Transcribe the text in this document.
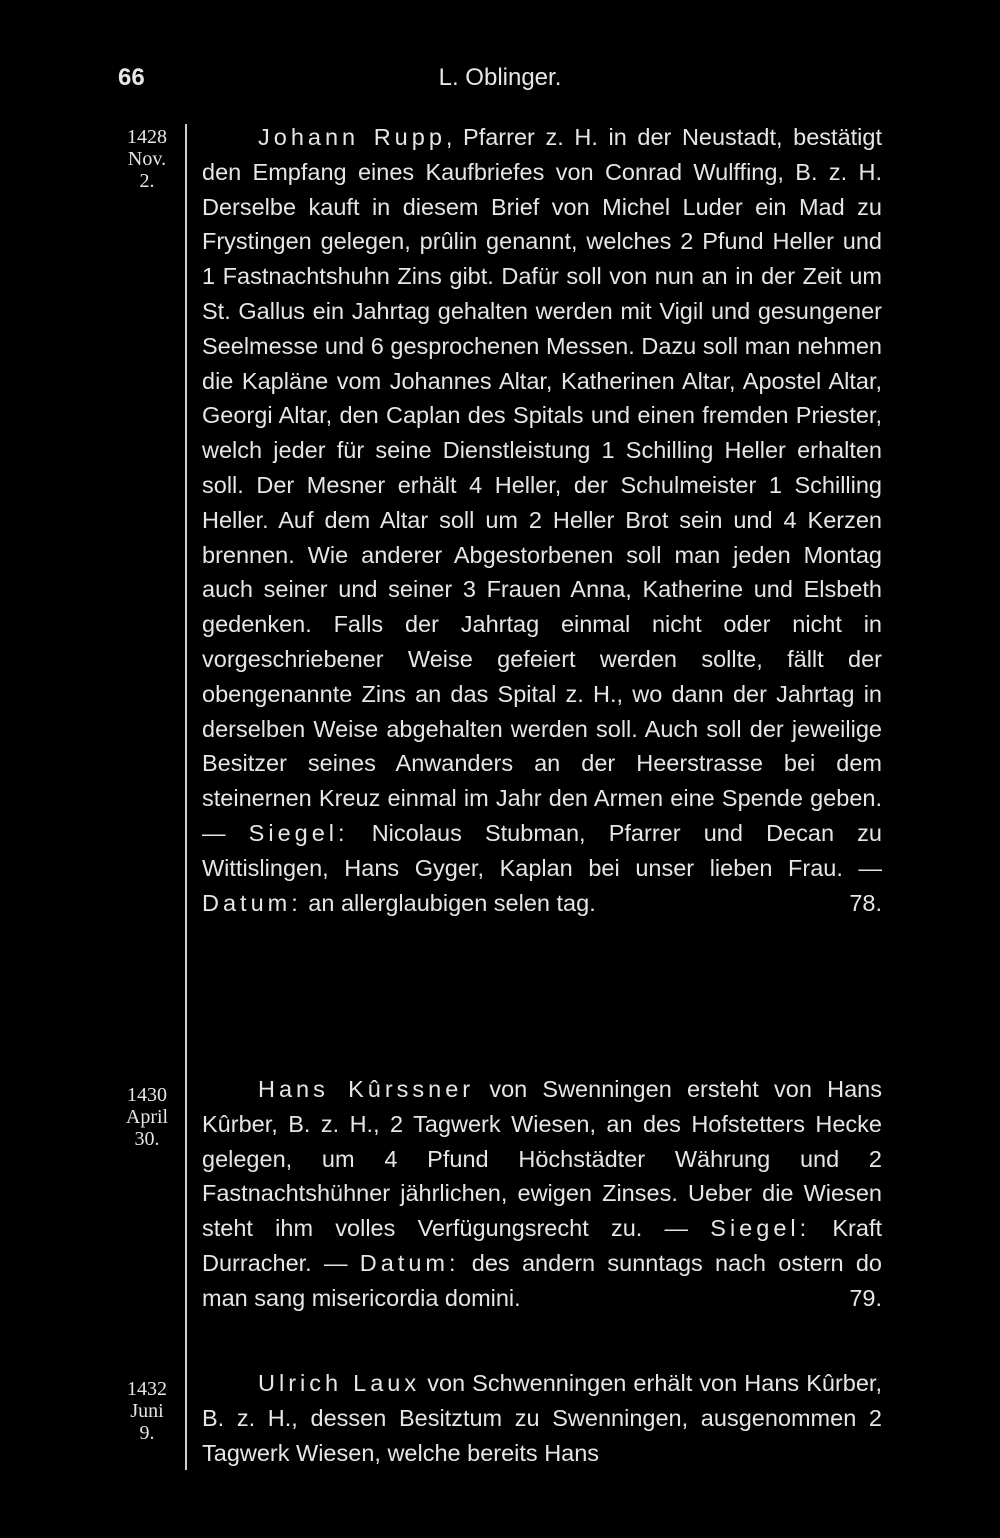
66	L. Oblinger.
1428
Nov.
2.

Johann Rupp, Pfarrer z. H. in der Neustadt, bestätigt den Empfang eines Kaufbriefes von Conrad Wulffing, B. z. H. Derselbe kauft in diesem Brief von Michel Luder ein Mad zu Frystingen gelegen, prûlin genannt, welches 2 Pfund Heller und 1 Fastnachtshuhn Zins gibt. Dafür soll von nun an in der Zeit um St. Gallus ein Jahrtag gehalten werden mit Vigil und gesungener Seelmesse und 6 gesprochenen Messen. Dazu soll man nehmen die Kapläne vom Johannes Altar, Katherinen Altar, Apostel Altar, Georgi Altar, den Caplan des Spitals und einen fremden Priester, welch jeder für seine Dienstleistung 1 Schilling Heller erhalten soll. Der Mesner erhält 4 Heller, der Schulmeister 1 Schilling Heller. Auf dem Altar soll um 2 Heller Brot sein und 4 Kerzen brennen. Wie anderer Abgestorbenen soll man jeden Montag auch seiner und seiner 3 Frauen Anna, Katherine und Elsbeth gedenken. Falls der Jahrtag einmal nicht oder nicht in vorgeschriebener Weise gefeiert werden sollte, fällt der obengenannte Zins an das Spital z. H., wo dann der Jahrtag in derselben Weise abgehalten werden soll. Auch soll der jeweilige Besitzer seines Anwanders an der Heerstrasse bei dem steinernen Kreuz einmal im Jahr den Armen eine Spende geben. — Siegel: Nicolaus Stubman, Pfarrer und Decan zu Wittislingen, Hans Gyger, Kaplan bei unser lieben Frau. — Datum: an allerglaubigen selen tag.	78.

1430
April
30.

Hans Kûrssner von Swenningen ersteht von Hans Kûrber, B. z. H., 2 Tagwerk Wiesen, an des Hofstetters Hecke gelegen, um 4 Pfund Höchstädter Währung und 2 Fastnachtshühner jährlichen, ewigen Zinses. Ueber die Wiesen steht ihm volles Verfügungsrecht zu. — Siegel: Kraft Durracher. — Datum: des andern sunntags nach ostern do man sang misericordia domini.	79.

1432
Juni
9.

Ulrich Laux von Schwenningen erhält von Hans Kûrber, B. z. H., dessen Besitztum zu Swenningen, ausgenommen 2 Tagwerk Wiesen, welche bereits Hans
